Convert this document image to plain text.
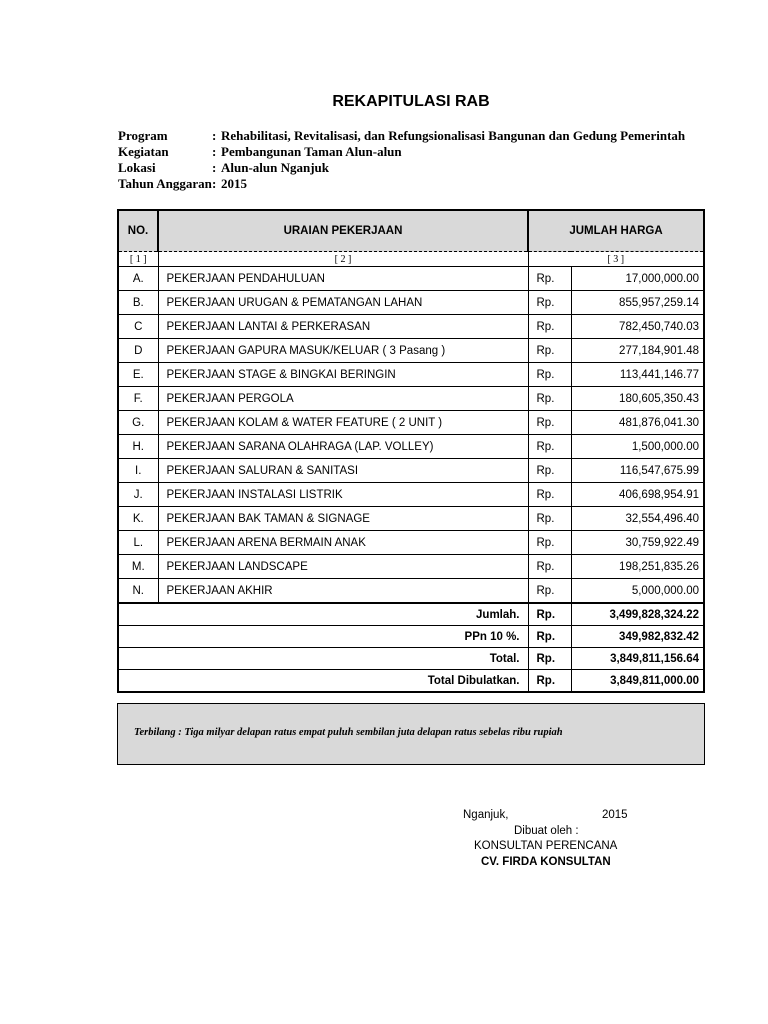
REKAPITULASI RAB
Program	: Rehabilitasi, Revitalisasi, dan Refungsionalisasi Bangunan dan Gedung Pemerintah
Kegiatan	: Pembangunan Taman Alun-alun
Lokasi	: Alun-alun Nganjuk
Tahun Anggaran: 2015
NO.	URAIAN PEKERJAAN	JUMLAH HARGA	
[ 1 ]	[ 2 ]	[ 3 ]	
A.	PEKERJAAN PENDAHULUAN	Rp.	17,000,000.00
B.	PEKERJAAN URUGAN & PEMATANGAN LAHAN	Rp.	855,957,259.14
C	PEKERJAAN LANTAI & PERKERASAN	Rp.	782,450,740.03
D	PEKERJAAN GAPURA MASUK/KELUAR ( 3 Pasang )	Rp.	277,184,901.48
E.	PEKERJAAN STAGE & BINGKAI BERINGIN	Rp.	113,441,146.77
F.	PEKERJAAN PERGOLA	Rp.	180,605,350.43
G.	PEKERJAAN KOLAM & WATER FEATURE ( 2 UNIT )	Rp.	481,876,041.30
H.	PEKERJAAN SARANA OLAHRAGA (LAP. VOLLEY)	Rp.	1,500,000.00
I.	PEKERJAAN SALURAN & SANITASI	Rp.	116,547,675.99
J.	PEKERJAAN INSTALASI LISTRIK	Rp.	406,698,954.91
K.	PEKERJAAN BAK TAMAN & SIGNAGE	Rp.	32,554,496.40
L.	PEKERJAAN ARENA BERMAIN ANAK	Rp.	30,759,922.49
M.	PEKERJAAN LANDSCAPE	Rp.	198,251,835.26
N.	PEKERJAAN AKHIR	Rp.	5,000,000.00
Jumlah.		Rp.	3,499,828,324.22
PPn 10 %.		Rp.	349,982,832.42
Total.		Rp.	3,849,811,156.64
Total Dibulatkan.		Rp.	3,849,811,000.00
Terbilang : Tiga milyar delapan ratus empat puluh sembilan juta delapan ratus sebelas ribu rupiah
Nganjuk,	2015
Dibuat oleh :
KONSULTAN PERENCANA
CV. FIRDA KONSULTAN
